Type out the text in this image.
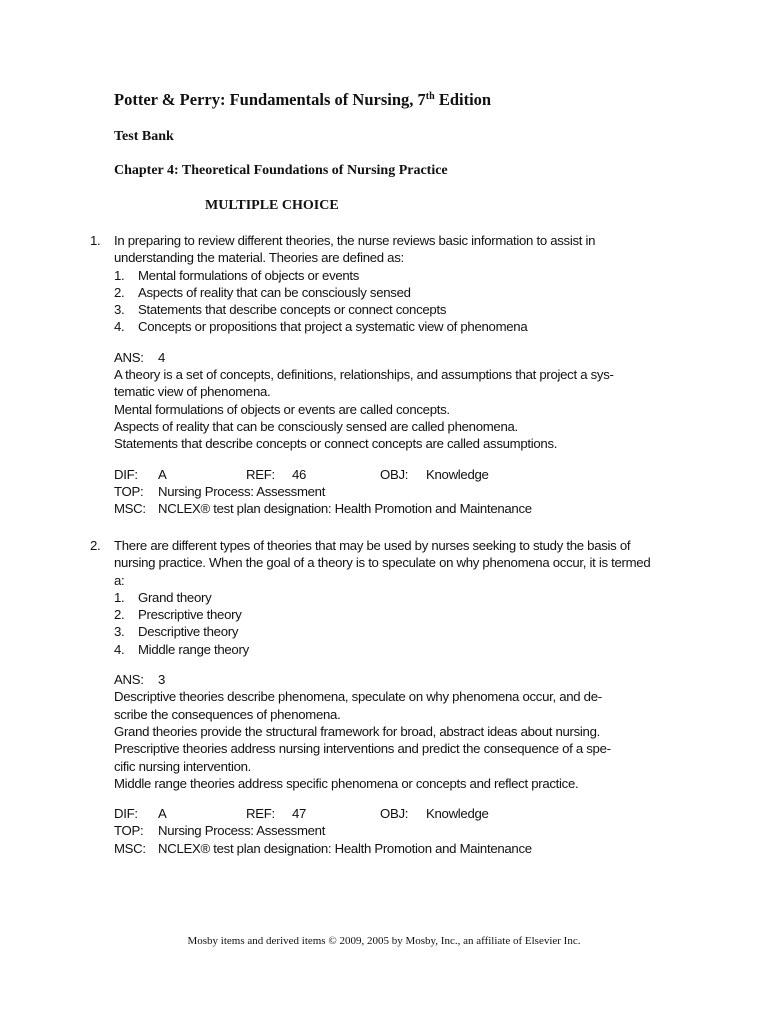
Potter & Perry: Fundamentals of Nursing, 7th Edition
Test Bank
Chapter 4: Theoretical Foundations of Nursing Practice
MULTIPLE CHOICE
1.	In preparing to review different theories, the nurse reviews basic information to assist in understanding the material. Theories are defined as:
1.	Mental formulations of objects or events
2.	Aspects of reality that can be consciously sensed
3.	Statements that describe concepts or connect concepts
4.	Concepts or propositions that project a systematic view of phenomena
ANS: 4
A theory is a set of concepts, definitions, relationships, and assumptions that project a sys-
tematic view of phenomena.
Mental formulations of objects or events are called concepts.
Aspects of reality that can be consciously sensed are called phenomena.
Statements that describe concepts or connect concepts are called assumptions.
DIF:	A	REF:	46	OBJ:	Knowledge
TOP: Nursing Process: Assessment
MSC: NCLEX® test plan designation: Health Promotion and Maintenance
2.	There are different types of theories that may be used by nurses seeking to study the basis of nursing practice. When the goal of a theory is to speculate on why phenomena occur, it is termed a:
1.	Grand theory
2.	Prescriptive theory
3.	Descriptive theory
4.	Middle range theory
ANS: 3
Descriptive theories describe phenomena, speculate on why phenomena occur, and de-
scribe the consequences of phenomena.
Grand theories provide the structural framework for broad, abstract ideas about nursing.
Prescriptive theories address nursing interventions and predict the consequence of a spe-
cific nursing intervention.
Middle range theories address specific phenomena or concepts and reflect practice.
DIF:	A	REF:	47	OBJ:	Knowledge
TOP: Nursing Process: Assessment
MSC: NCLEX® test plan designation: Health Promotion and Maintenance
Mosby items and derived items © 2009, 2005 by Mosby, Inc., an affiliate of Elsevier Inc.
